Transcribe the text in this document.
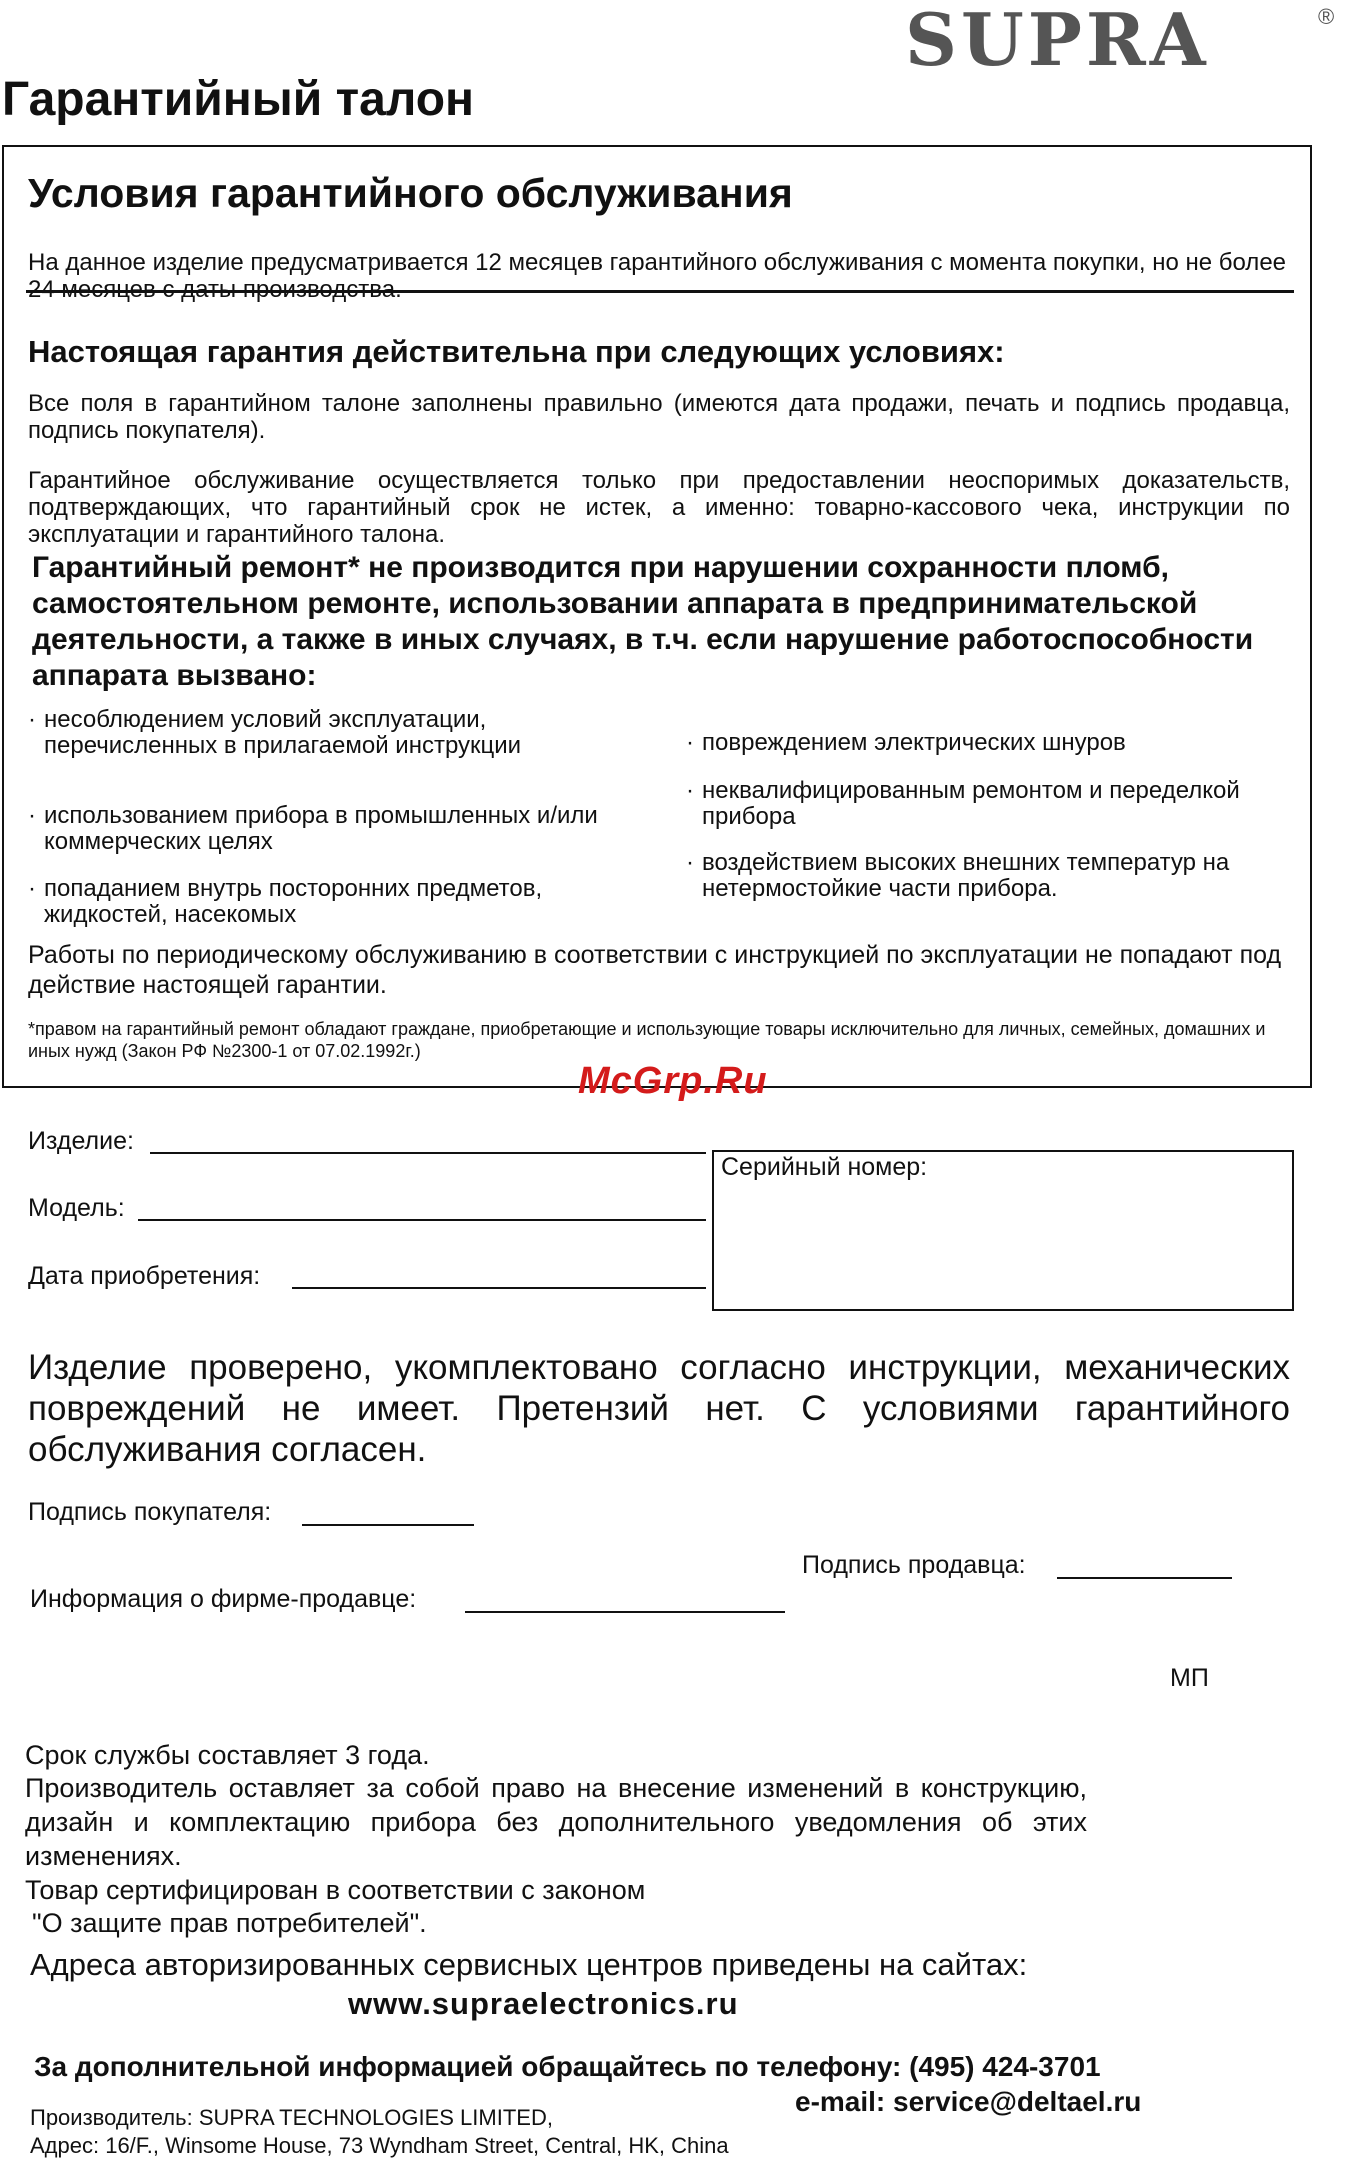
SUPRA	®
Гарантийный талон
Условия гарантийного обслуживания
На данное изделие предусматривается 12 месяцев гарантийного обслуживания с момента покупки, но не более
Настоящая гарантия действительна при следующих условиях:
Все поля в гарантийном талоне заполнены правильно (имеются дата продажи, печать и подпись продавца, подпись покупателя).
Гарантийное обслуживание осуществляется только при предоставлении неоспоримых доказательств, подтверждающих, что гарантийный срок не истек, а именно: товарно-кассового чека, инструкции по эксплуатации и гарантийного талона.
Гарантийный ремонт* не производится при нарушении сохранности пломб, самостоятельном ремонте, использовании аппарата в предпринимательской деятельности, а также в иных случаях, в т.ч. если нарушение работоспособности аппарата вызвано:
· несоблюдением условий эксплуатации, перечисленных в прилагаемой инструкции
· использованием прибора в промышленных и/или коммерческих целях
· попаданием внутрь посторонних предметов, жидкостей, насекомых
· повреждением электрических шнуров
· неквалифицированным ремонтом и переделкой прибора
· воздействием высоких внешних температур на нетермостойкие части прибора.
Работы по периодическому обслуживанию в соответствии с инструкцией по эксплуатации не попадают под действие настоящей гарантии.
*правом на гарантийный ремонт обладают граждане, приобретающие и использующие товары исключительно для личных, семейных, домашних и иных нужд (Закон РФ №2300-1 от 07.02.1992г.)
McGrp.Ru
Изделие:
Модель:
Дата приобретения:
Серийный номер:
Изделие проверено, укомплектовано согласно инструкции, механических повреждений не имеет. Претензий нет. С условиями гарантийного обслуживания согласен.
Подпись покупателя:
Подпись продавца:
Информация о фирме-продавце:
МП
Срок службы составляет 3 года.
Производитель оставляет за собой право на внесение изменений в конструкцию, дизайн и комплектацию прибора без дополнительного уведомления об этих изменениях.
Товар сертифицирован в соответствии с законом
"О защите прав потребителей".
Адреса авторизированных сервисных центров приведены на сайтах:
www.supraelectronics.ru
За дополнительной информацией обращайтесь по телефону: (495) 424-3701
e-mail: service@deltael.ru
Производитель: SUPRA TECHNOLOGIES LIMITED,
Адрес: 16/F., Winsome House, 73 Wyndham Street, Central, HK, China
